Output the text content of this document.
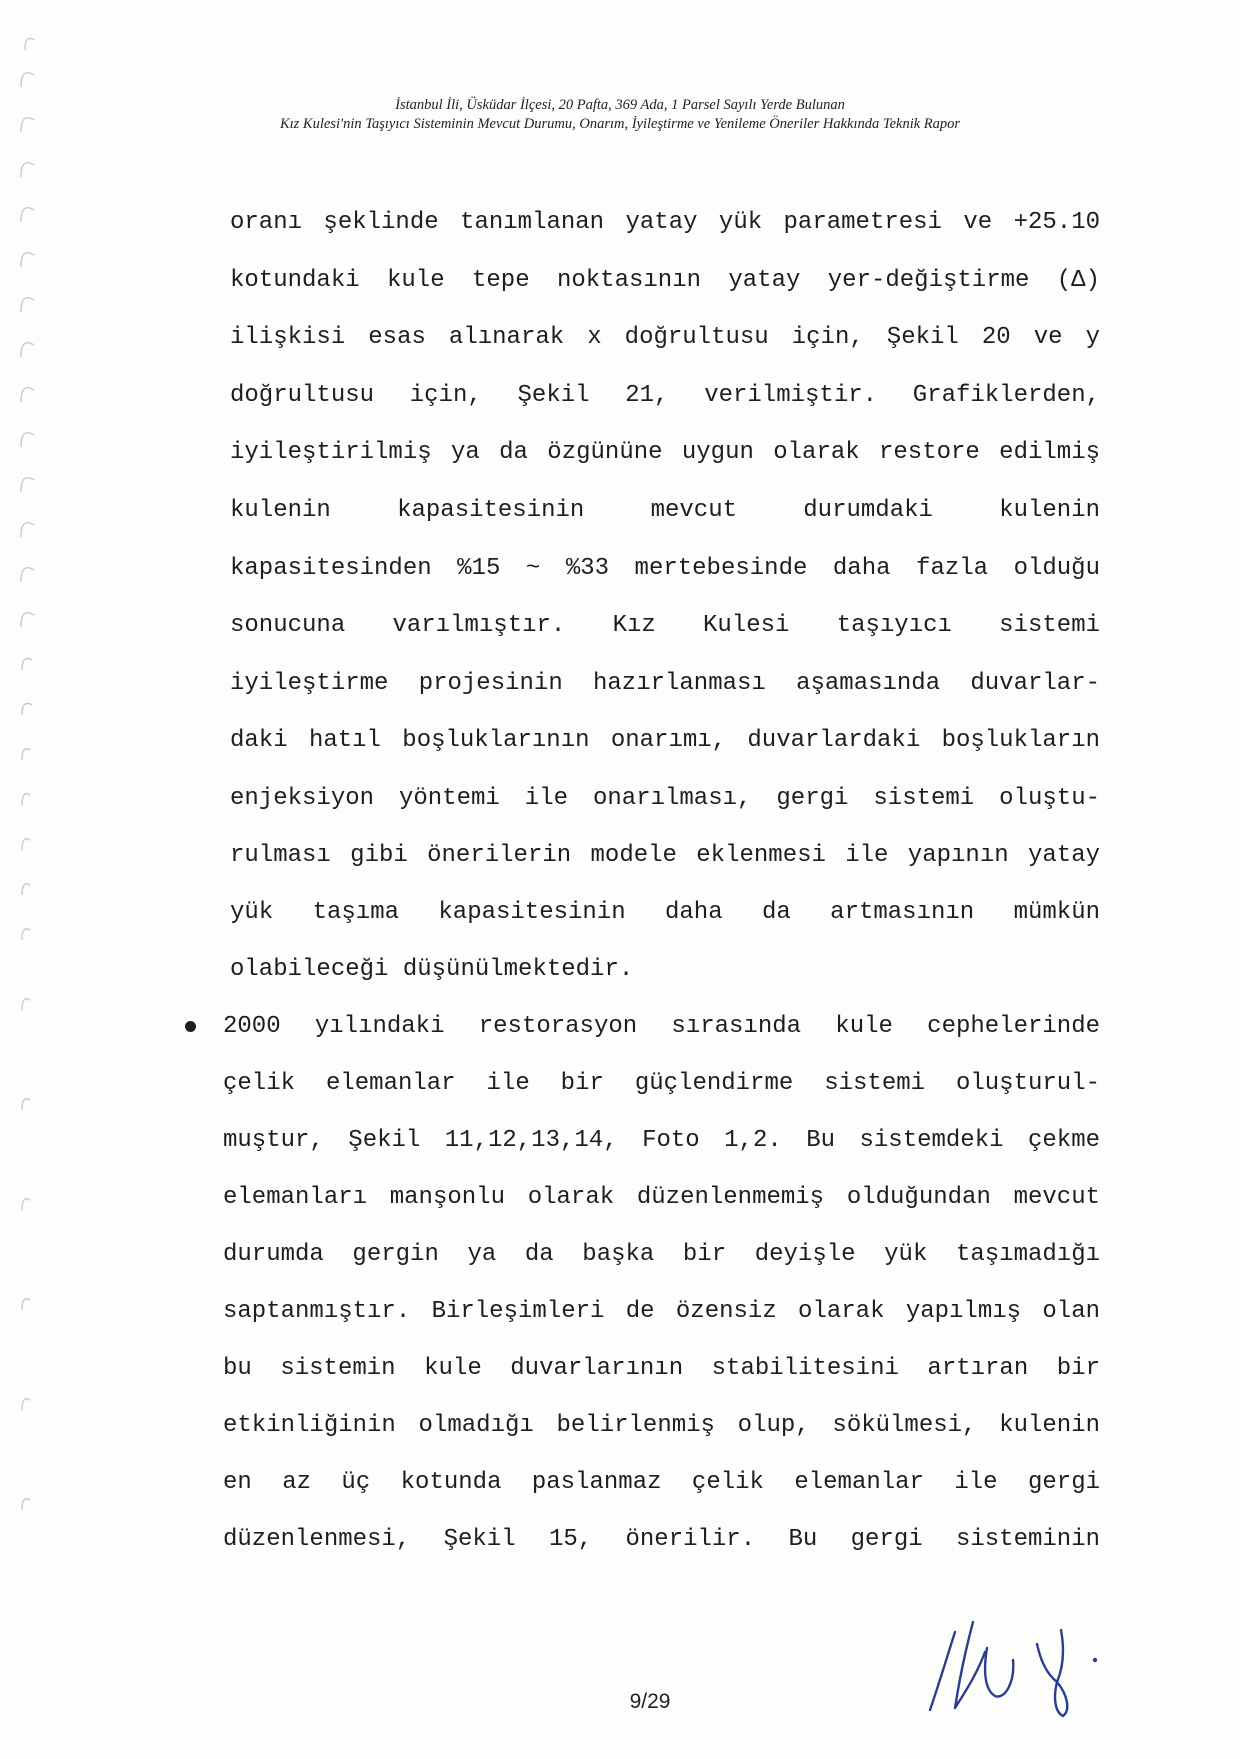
İstanbul İli, Üsküdar İlçesi, 20 Pafta, 369 Ada, 1 Parsel Sayılı Yerde Bulunan
Kız Kulesi'nin Taşıyıcı Sisteminin Mevcut Durumu, Onarım, İyileştirme ve Yenileme Öneriler Hakkında Teknik Rapor
oranı şeklinde tanımlanan yatay yük parametresi ve +25.10
kotundaki kule tepe noktasının yatay yer-değiştirme (Δ)
ilişkisi esas alınarak x doğrultusu için, Şekil 20 ve y
doğrultusu için, Şekil 21, verilmiştir. Grafiklerden,
iyileştirilmiş ya da özgününe uygun olarak restore edilmiş
kulenin kapasitesinin mevcut durumdaki kulenin
kapasitesinden %15 ~ %33 mertebesinde daha fazla olduğu
sonucuna varılmıştır. Kız Kulesi taşıyıcı sistemi
iyileştirme projesinin hazırlanması aşamasında duvarlar-
daki hatıl boşluklarının onarımı, duvarlardaki boşlukların
enjeksiyon yöntemi ile onarılması, gergi sistemi oluştu-
rulması gibi önerilerin modele eklenmesi ile yapının yatay
yük taşıma kapasitesinin daha da artmasının mümkün
olabileceği düşünülmektedir.
2000 yılındaki restorasyon sırasında kule cephelerinde
çelik elemanlar ile bir güçlendirme sistemi oluşturul-
muştur, Şekil 11,12,13,14, Foto 1,2. Bu sistemdeki çekme
elemanları manşonlu olarak düzenlenmemiş olduğundan mevcut
durumda gergin ya da başka bir deyişle yük taşımadığı
saptanmıştır. Birleşimleri de özensiz olarak yapılmış olan
bu sistemin kule duvarlarının stabilitesini artıran bir
etkinliğinin olmadığı belirlenmiş olup, sökülmesi, kulenin
en az üç kotunda paslanmaz çelik elemanlar ile gergi
düzenlenmesi, Şekil 15, önerilir. Bu gergi sisteminin
9/29
